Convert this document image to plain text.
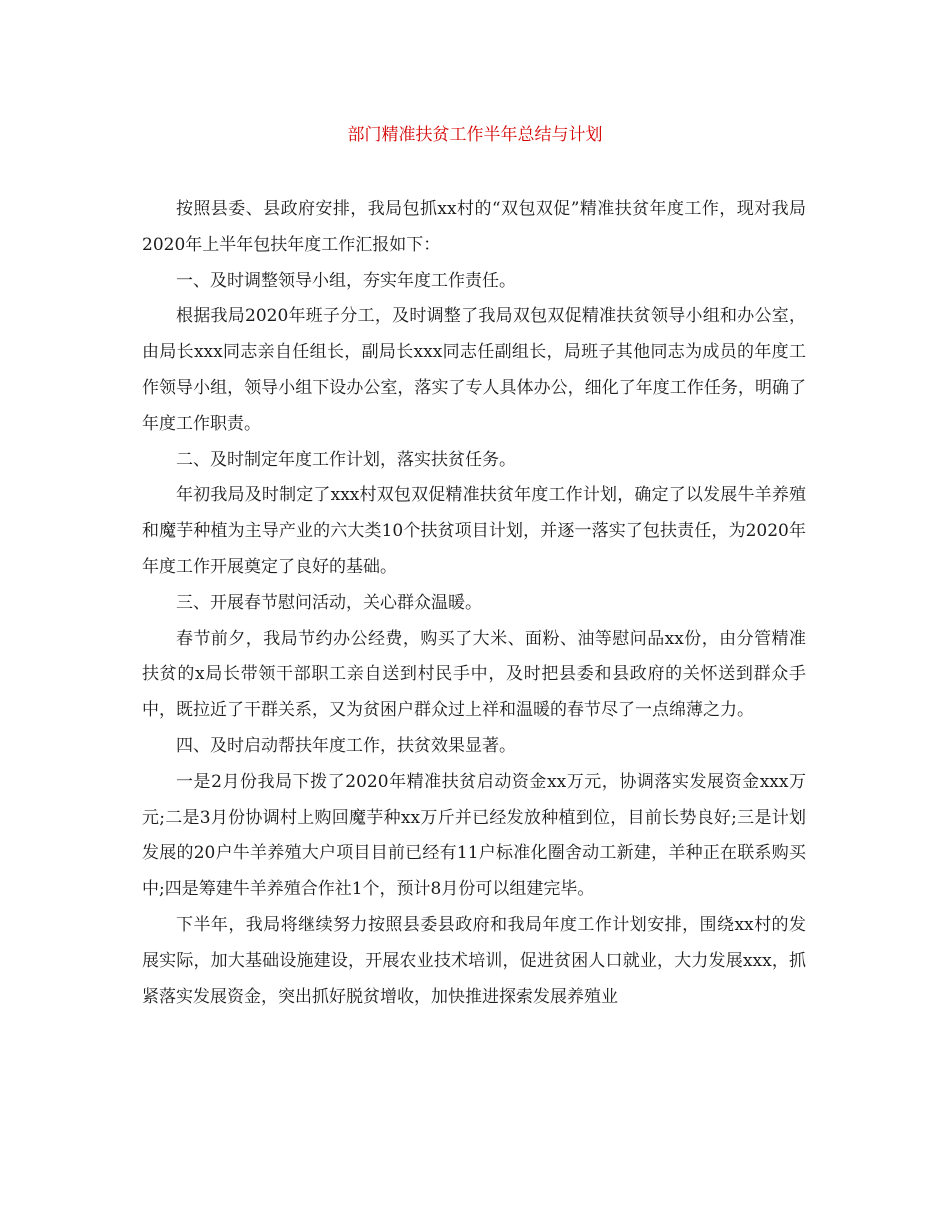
部门精准扶贫工作半年总结与计划

按照县委、县政府安排，我局包抓xx村的“双包双促”精准扶贫年度工作，现对我局2020年上半年包扶年度工作汇报如下：

一、及时调整领导小组，夯实年度工作责任。

根据我局2020年班子分工，及时调整了我局双包双促精准扶贫领导小组和办公室，由局长xxx同志亲自任组长，副局长xxx同志任副组长，局班子其他同志为成员的年度工作领导小组，领导小组下设办公室，落实了专人具体办公，细化了年度工作任务，明确了年度工作职责。

二、及时制定年度工作计划，落实扶贫任务。

年初我局及时制定了xxx村双包双促精准扶贫年度工作计划，确定了以发展牛羊养殖和魔芋种植为主导产业的六大类10个扶贫项目计划，并逐一落实了包扶责任，为2020年年度工作开展奠定了良好的基础。

三、开展春节慰问活动，关心群众温暖。

春节前夕，我局节约办公经费，购买了大米、面粉、油等慰问品xx份，由分管精准扶贫的x局长带领干部职工亲自送到村民手中，及时把县委和县政府的关怀送到群众手中，既拉近了干群关系，又为贫困户群众过上祥和温暖的春节尽了一点绵薄之力。

四、及时启动帮扶年度工作，扶贫效果显著。

一是2月份我局下拨了2020年精准扶贫启动资金xx万元，协调落实发展资金xxx万元;二是3月份协调村上购回魔芋种xx万斤并已经发放种植到位，目前长势良好;三是计划发展的20户牛羊养殖大户项目目前已经有11户标准化圈舍动工新建，羊种正在联系购买中;四是筹建牛羊养殖合作社1个，预计8月份可以组建完毕。

下半年，我局将继续努力按照县委县政府和我局年度工作计划安排，围绕xx村的发展实际，加大基础设施建设，开展农业技术培训，促进贫困人口就业，大力发展xxx，抓紧落实发展资金，突出抓好脱贫增收，加快推进探索发展养殖业
